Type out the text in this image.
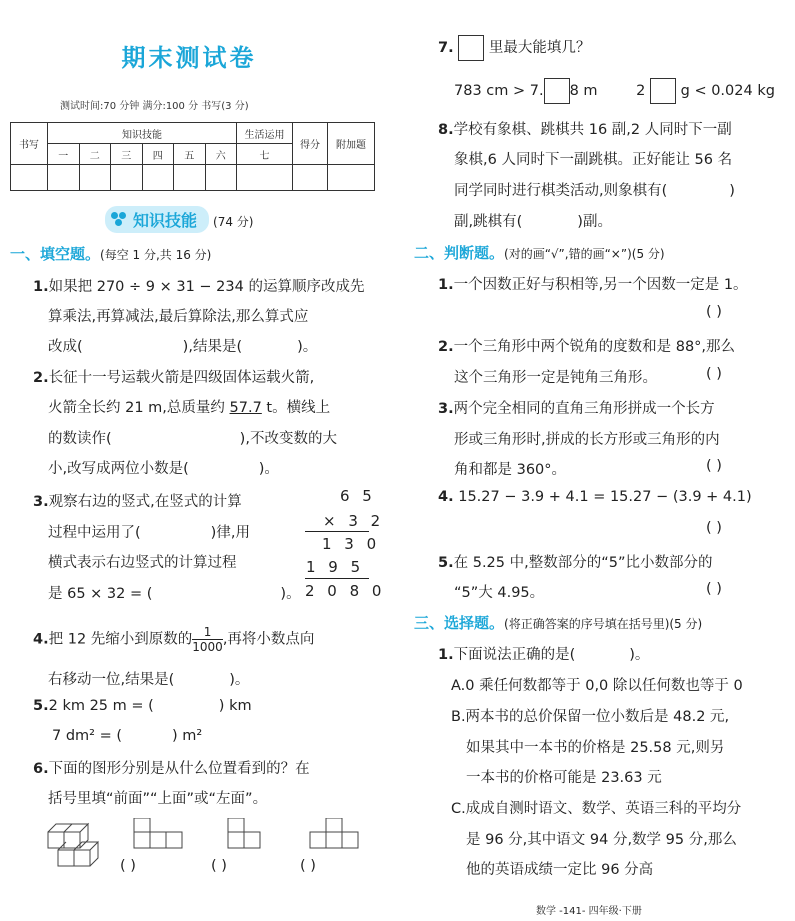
期末测试卷
测试时间:70 分钟 满分:100 分 书写(3 分)
书写	知识技能						生活运用	得分	附加题
	一	二	三	四	五	六	七		

知识技能 (74 分)
一、填空题。(每空 1 分,共 16 分)
1.如果把 270 ÷ 9 × 31 − 234 的运算顺序改成先
算乘法,再算减法,最后算除法,那么算式应
改成(	),结果是(	)。
2.长征十一号运载火箭是四级固体运载火箭,
火箭全长约 21 m,总质量约 57.7 t。横线上
的数读作(	),不改变数的大
小,改写成两位小数是(	)。
3.观察右边的竖式,在竖式的计算
过程中运用了(	)律,用
横式表示右边竖式的计算过程
是 65 × 32 = (	)。
6 5
× 3 2
1 3 0
1 9 5
2 0 8 0
4.把 12 先缩小到原数的 $\frac{1}{1000}$ ,再将小数点向
右移动一位,结果是(	)。
5.2 km 25 m = (	) km
7 dm² = (	) m²
6.下面的图形分别是从什么位置看到的？在
括号里填“前面”“上面”或“左面”。
( )	( )	( )
7. 里最大能填几？
783 cm > 7. 8 m	2 g < 0.024 kg
8.学校有象棋、跳棋共 16 副,2 人同时下一副
象棋,6 人同时下一副跳棋。正好能让 56 名
同学同时进行棋类活动,则象棋有(	)
副,跳棋有(	)副。
二、判断题。(对的画“√”,错的画“×”)(5 分)
1.一个因数正好与积相等,另一个因数一定是 1。
( )
2.一个三角形中两个锐角的度数和是 88°,那么
这个三角形一定是钝角三角形。	( )
3.两个完全相同的直角三角形拼成一个长方
形或三角形时,拼成的长方形或三角形的内
角和都是 360°。	( )
4. 15.27 − 3.9 + 4.1 = 15.27 − (3.9 + 4.1)
( )
5.在 5.25 中,整数部分的“5”比小数部分的
“5”大 4.95。	( )
三、选择题。(将正确答案的序号填在括号里)(5 分)
1.下面说法正确的是(	)。
A.0 乘任何数都等于 0,0 除以任何数也等于 0
B.两本书的总价保留一位小数后是 48.2 元,
如果其中一本书的价格是 25.58 元,则另
一本书的价格可能是 23.63 元
C.成成自测时语文、数学、英语三科的平均分
是 96 分,其中语文 94 分,数学 95 分,那么
他的英语成绩一定比 96 分高
数学 -141- 四年级·下册
